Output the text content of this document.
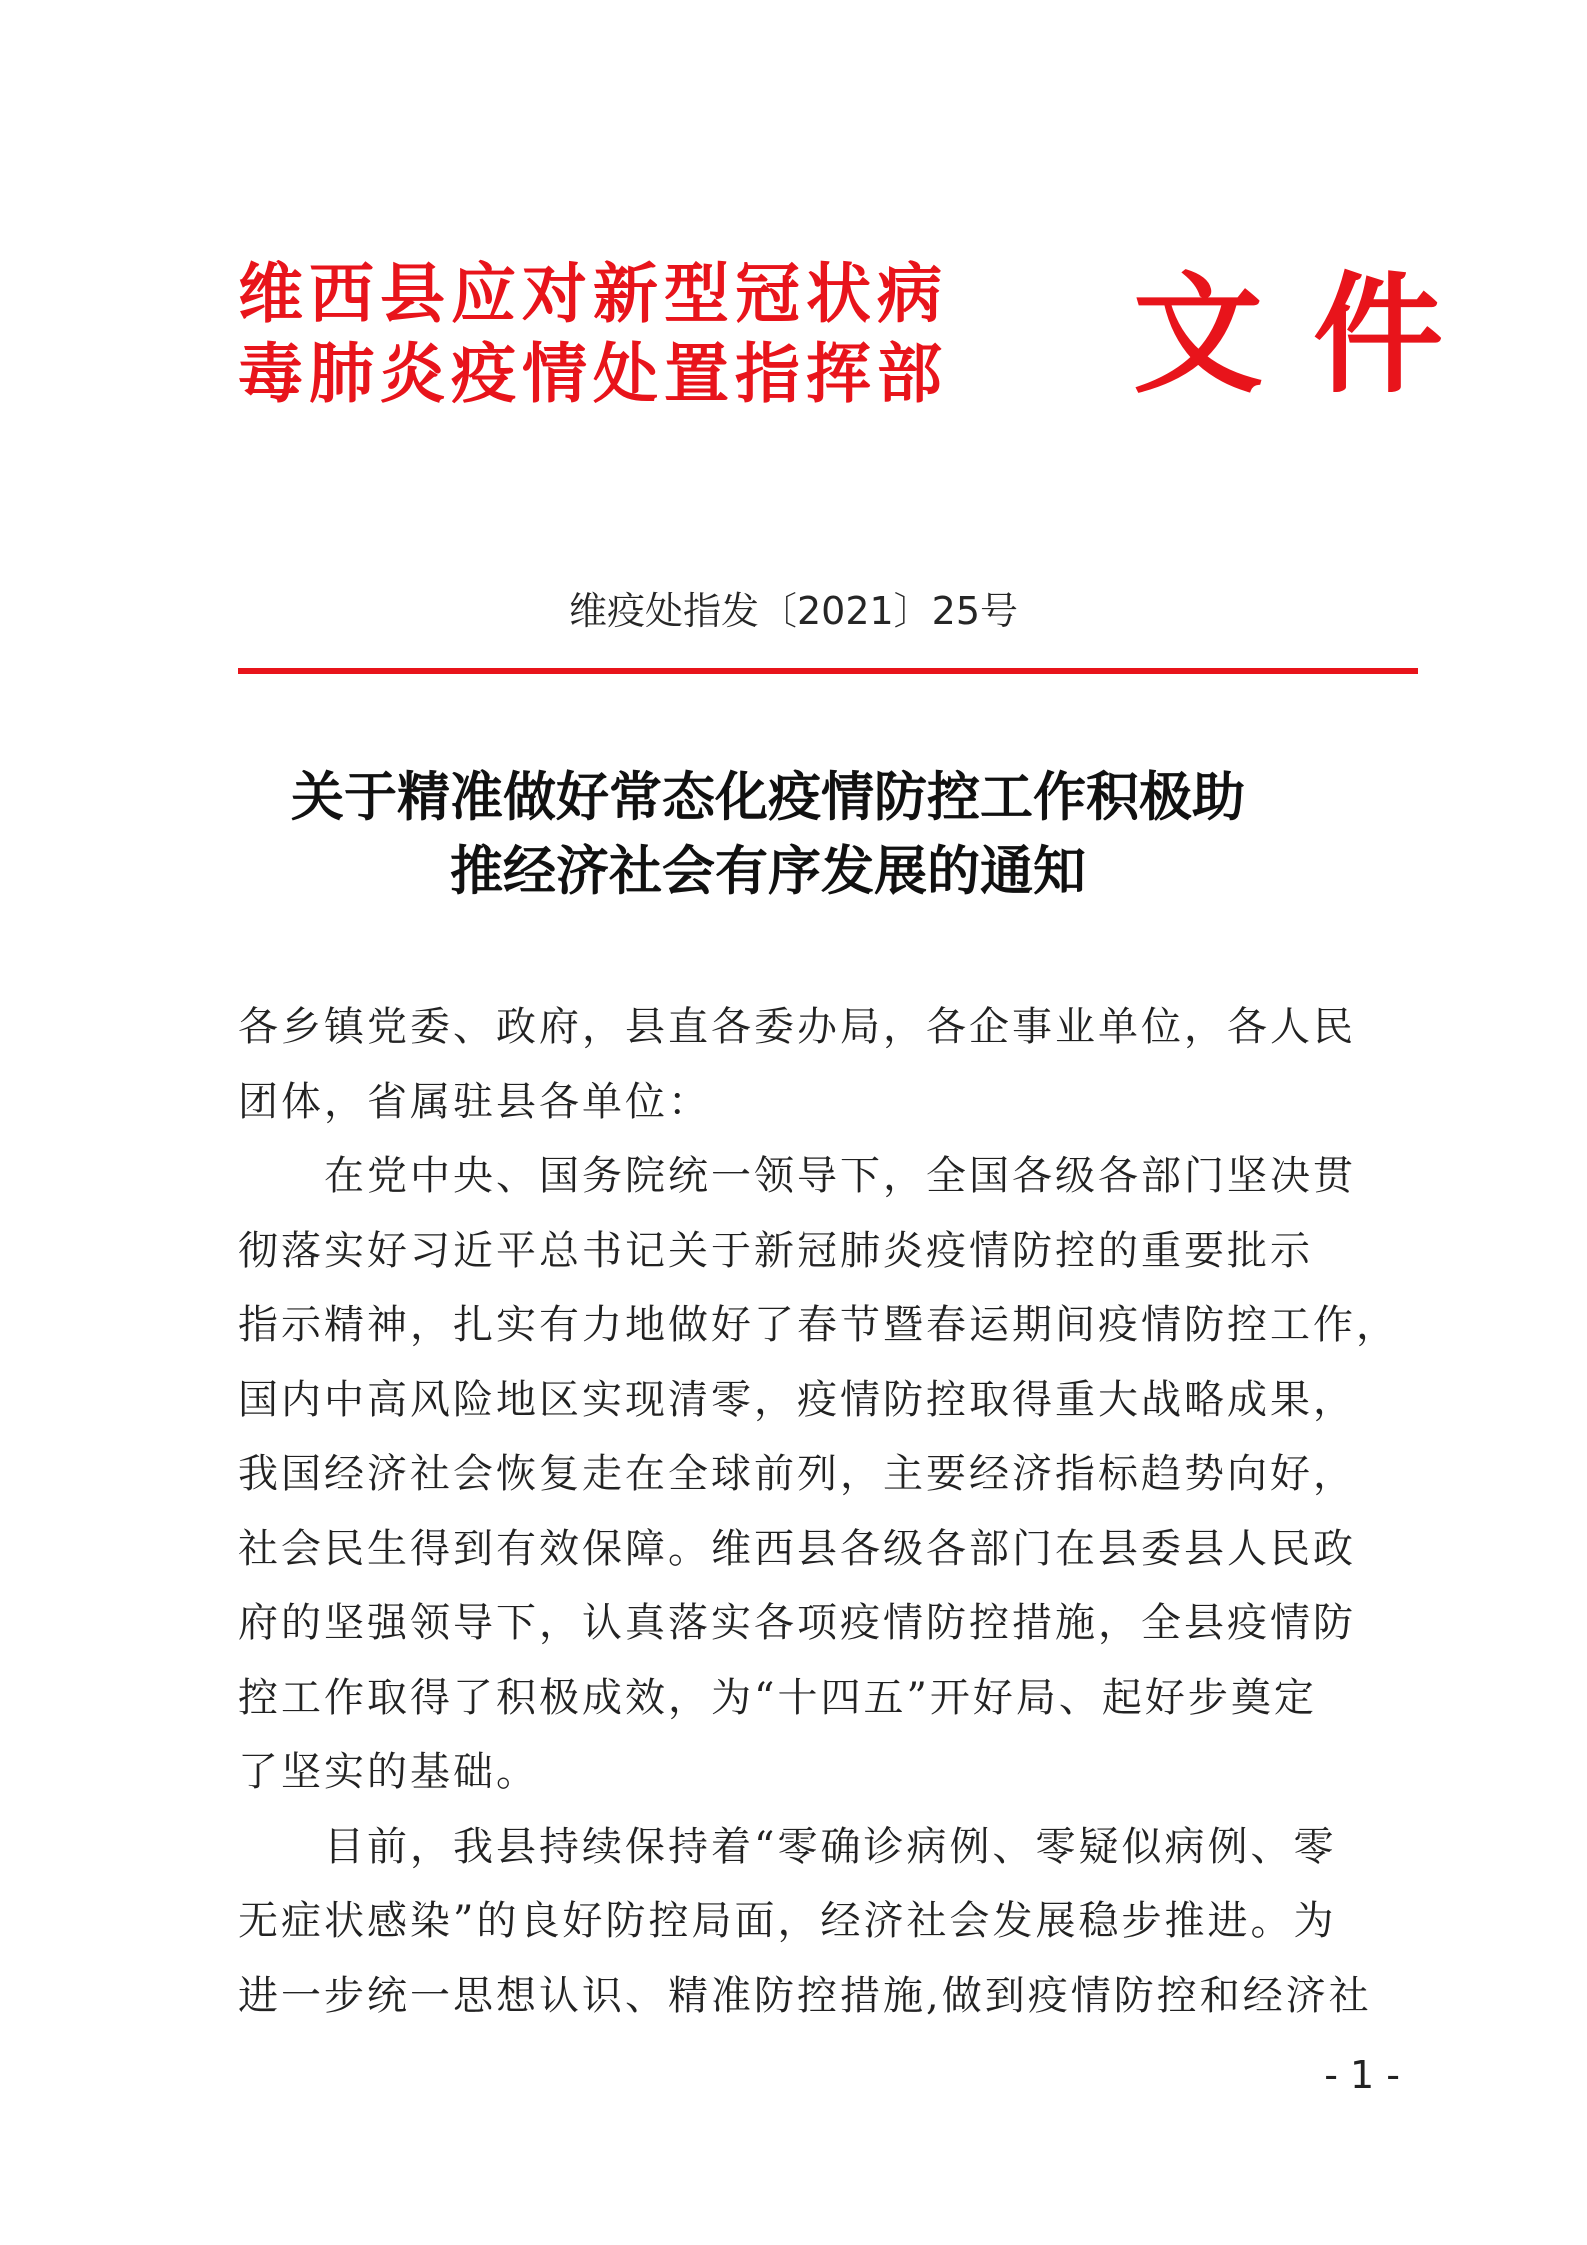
维西县应对新型冠状病
毒肺炎疫情处置指挥部	文件
维疫处指发〔2021〕25号
关于精准做好常态化疫情防控工作积极助
推经济社会有序发展的通知
各乡镇党委、政府，县直各委办局，各企事业单位，各人民
团体，省属驻县各单位：
在党中央、国务院统一领导下，全国各级各部门坚决贯
彻落实好习近平总书记关于新冠肺炎疫情防控的重要批示
指示精神，扎实有力地做好了春节暨春运期间疫情防控工作，
国内中高风险地区实现清零，疫情防控取得重大战略成果，
我国经济社会恢复走在全球前列，主要经济指标趋势向好，
社会民生得到有效保障。维西县各级各部门在县委县人民政
府的坚强领导下，认真落实各项疫情防控措施，全县疫情防
控工作取得了积极成效，为“十四五”开好局、起好步奠定
了坚实的基础。
目前，我县持续保持着“零确诊病例、零疑似病例、零
无症状感染”的良好防控局面，经济社会发展稳步推进。为
进一步统一思想认识、精准防控措施,做到疫情防控和经济社
- 1 -
